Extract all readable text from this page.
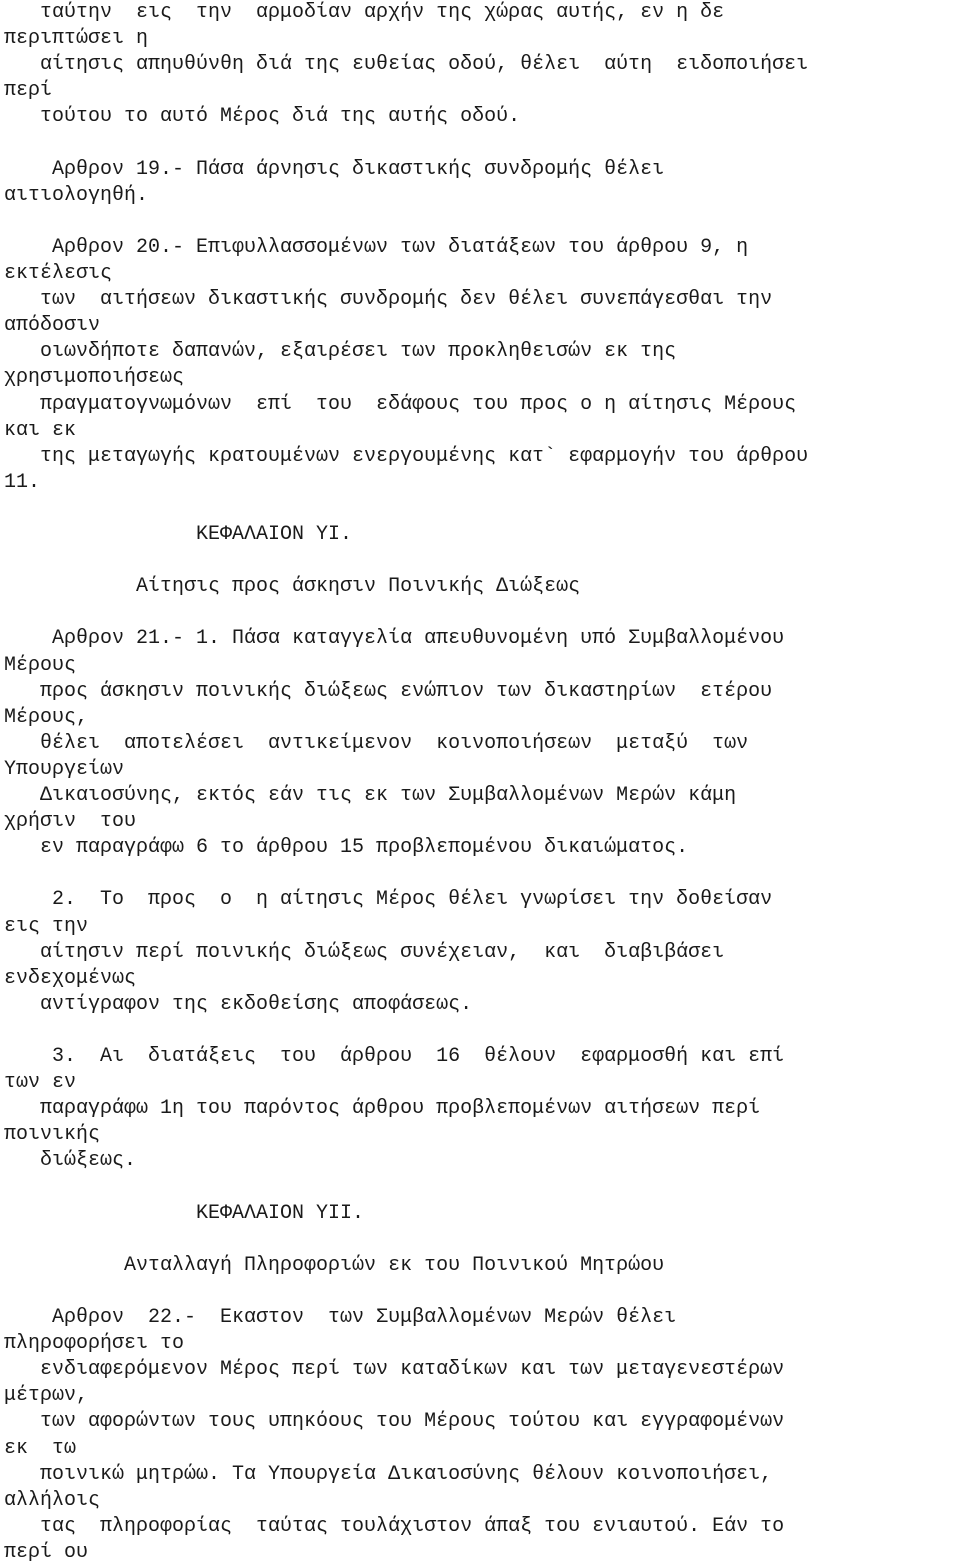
ταύτην  εις  την  αρμοδίαν αρχήν της χώρας αυτής, εν η δε
περιπτώσει η
αίτησις απηυθύνθη διά της ευθείας οδού, θέλει  αύτη  ειδοποιήσει
περί
τούτου το αυτό Μέρος διά της αυτής οδού.
Αρθρον 19.- Πάσα άρνησις δικαστικής συνδρομής θέλει
αιτιολογηθή.
Αρθρον 20.- Επιφυλλασσομένων των διατάξεων του άρθρου 9, η
εκτέλεσις
των  αιτήσεων δικαστικής συνδρομής δεν θέλει συνεπάγεσθαι την
απόδοσιν
οιωνδήποτε δαπανών, εξαιρέσει των προκληθεισών εκ της
χρησιμοποιήσεως
πραγματογνωμόνων  επί  του  εδάφους του προς ο η αίτησις Μέρους
και εκ
της μεταγωγής κρατουμένων ενεργουμένης κατ` εφαρμογήν του άρθρου
11.
ΚΕΦΑΛΑΙΟΝ ΥΙ.
Αίτησις προς άσκησιν Ποινικής Διώξεως
Αρθρον 21.- 1. Πάσα καταγγελία απευθυνομένη υπό Συμβαλλομένου
Μέρους
προς άσκησιν ποινικής διώξεως ενώπιον των δικαστηρίων  ετέρου
Μέρους,
θέλει  αποτελέσει  αντικείμενον  κοινοποιήσεων  μεταξύ  των
Υπουργείων
Δικαιοσύνης, εκτός εάν τις εκ των Συμβαλλομένων Μερών κάμη
χρήσιν  του
εν παραγράφω 6 το άρθρου 15 προβλεπομένου δικαιώματος.
2.  Το  προς  ο  η αίτησις Μέρος θέλει γνωρίσει την δοθείσαν
εις την
αίτησιν περί ποινικής διώξεως συνέχειαν,  και  διαβιβάσει
ενδεχομένως
αντίγραφον της εκδοθείσης αποφάσεως.
3.  Αι  διατάξεις  του  άρθρου  16  θέλουν  εφαρμοσθή και επί
των εν
παραγράφω 1η του παρόντος άρθρου προβλεπομένων αιτήσεων περί
ποινικής
διώξεως.
ΚΕΦΑΛΑΙΟΝ ΥΙΙ.
Ανταλλαγή Πληροφοριών εκ του Ποινικού Μητρώου
Αρθρον  22.-  Εκαστον  των Συμβαλλομένων Μερών θέλει
πληροφορήσει το
ενδιαφερόμενον Μέρος περί των καταδίκων και των μεταγενεστέρων
μέτρων,
των αφορώντων τους υπηκόους του Μέρους τούτου και εγγραφομένων
εκ  τω
ποινικώ μητρώω. Τα Υπουργεία Δικαιοσύνης θέλουν κοινοποιήσει,
αλλήλοις
τας  πληροφορίας  ταύτας τουλάχιστον άπαξ του ενιαυτού. Εάν το
περί ου
